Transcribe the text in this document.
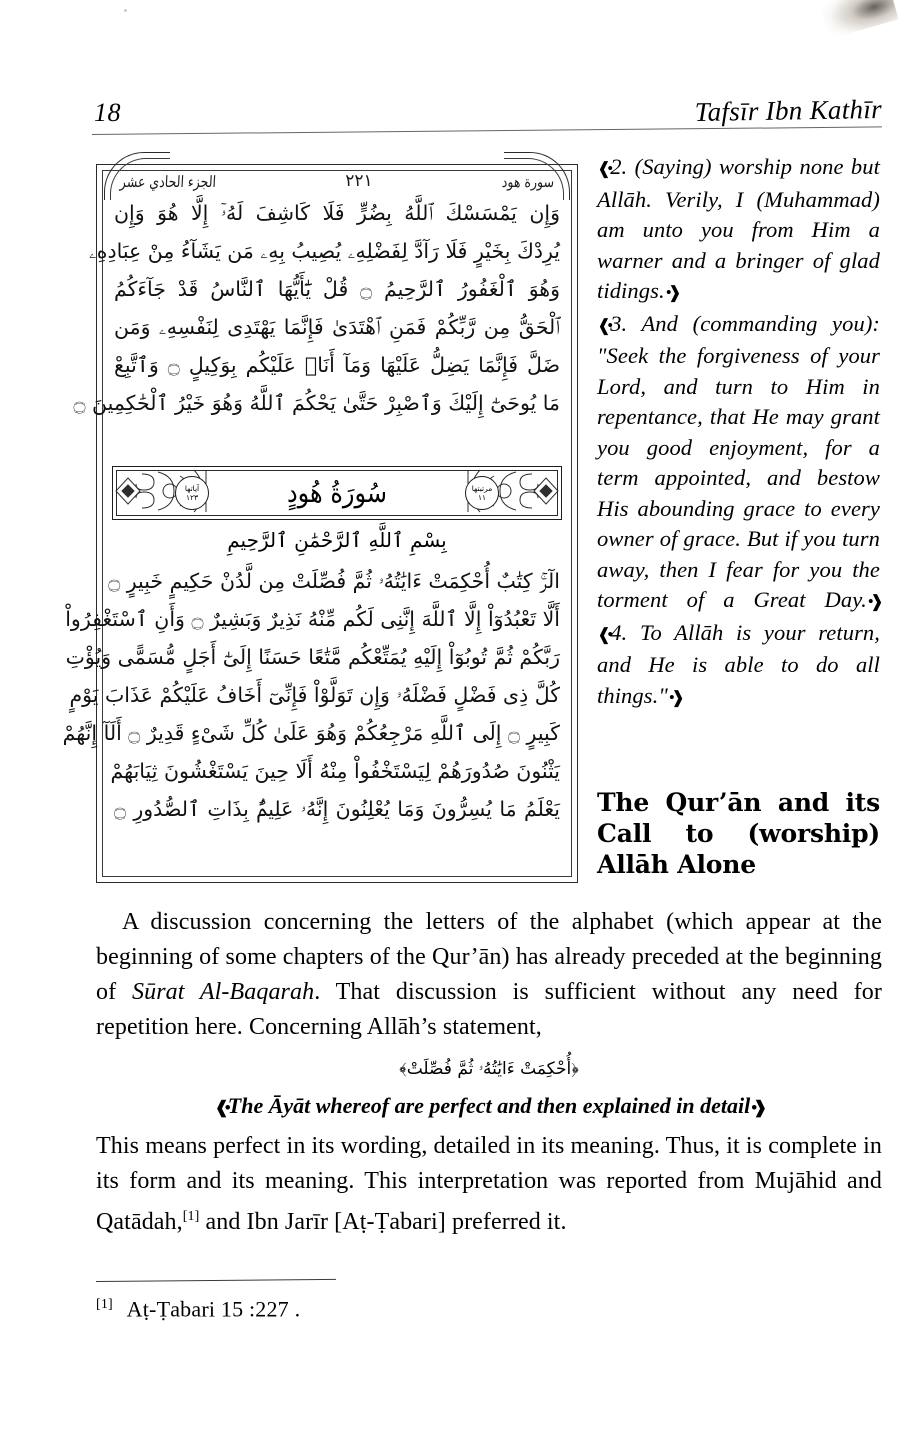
18	Tafsīr Ibn Kathīr
سورة هود
٢٢١
الجزء الحادي عشر
وَإِن يَمْسَسْكَ ٱللَّهُ بِضُرٍّ فَلَا كَاشِفَ لَهُۥٓ إِلَّا هُوَ وَإِن
يُرِدْكَ بِخَيْرٍ فَلَا رَآدَّ لِفَضْلِهِۦ يُصِيبُ بِهِۦ مَن يَشَآءُ مِنْ عِبَادِهِۦ
وَهُوَ ٱلْغَفُورُ ٱلرَّحِيمُ ۝ قُلْ يَٰٓأَيُّهَا ٱلنَّاسُ قَدْ جَآءَكُمُ
ٱلْحَقُّ مِن رَّبِّكُمْ فَمَنِ ٱهْتَدَىٰ فَإِنَّمَا يَهْتَدِى لِنَفْسِهِۦ وَمَن
ضَلَّ فَإِنَّمَا يَضِلُّ عَلَيْهَا وَمَآ أَنَا۠ عَلَيْكُم بِوَكِيلٍ ۝ وَٱتَّبِعْ
مَا يُوحَىٰٓ إِلَيْكَ وَٱصْبِرْ حَتَّىٰ يَحْكُمَ ٱللَّهُ وَهُوَ خَيْرُ ٱلْحَٰكِمِينَ ۝
آياتها
١٢٣
مرتبتها
١١
سُورَةُ هُودٍ
بِسْمِ ٱللَّهِ ٱلرَّحْمَٰنِ ٱلرَّحِيمِ
الٓرۚ كِتَٰبٌ أُحْكِمَتْ ءَايَٰتُهُۥ ثُمَّ فُصِّلَتْ مِن لَّدُنْ حَكِيمٍ خَبِيرٍ ۝
أَلَّا تَعْبُدُوٓاْ إِلَّا ٱللَّهَ إِنَّنِى لَكُم مِّنْهُ نَذِيرٌ وَبَشِيرٌ ۝ وَأَنِ ٱسْتَغْفِرُواْ
رَبَّكُمْ ثُمَّ تُوبُوٓاْ إِلَيْهِ يُمَتِّعْكُم مَّتَٰعًا حَسَنًا إِلَىٰٓ أَجَلٍ مُّسَمًّى وَيُؤْتِ
كُلَّ ذِى فَضْلٍ فَضْلَهُۥ وَإِن تَوَلَّوْاْ فَإِنِّىٓ أَخَافُ عَلَيْكُمْ عَذَابَ يَوْمٍ
كَبِيرٍ ۝ إِلَى ٱللَّهِ مَرْجِعُكُمْ وَهُوَ عَلَىٰ كُلِّ شَىْءٍ قَدِيرٌ ۝ أَلَآ إِنَّهُمْ
يَثْنُونَ صُدُورَهُمْ لِيَسْتَخْفُواْ مِنْهُ أَلَا حِينَ يَسْتَغْشُونَ ثِيَابَهُمْ
يَعْلَمُ مَا يُسِرُّونَ وَمَا يُعْلِنُونَ إِنَّهُۥ عَلِيمٌۢ بِذَاتِ ٱلصُّدُورِ ۝

❰• 2. (Saying) worship none but Allāh. Verily, I (Muhammad) am unto you from Him a warner and a bringer of glad tidings. •❱

❰• 3. And (commanding you): "Seek the forgiveness of your Lord, and turn to Him in repentance, that He may grant you good enjoyment, for a term appointed, and bestow His abounding grace to every owner of grace. But if you turn away, then I fear for you the torment of a Great Day. •❱

❰• 4. To Allāh is your return, and He is able to do all things." •❱

The Qur’ān and its
Call to (worship)
Allāh Alone

A discussion concerning the letters of the alphabet (which appear at the beginning of some chapters of the Qur’ān) has already preceded at the beginning of Sūrat Al-Baqarah. That discussion is sufficient without any need for repetition here. Concerning Allāh’s statement,

﴿أُحْكِمَتْ ءَايَٰتُهُۥ ثُمَّ فُصِّلَتْ﴾
❰• The Āyāt whereof are perfect and then explained in detail •❱

This means perfect in its wording, detailed in its meaning. Thus, it is complete in its form and its meaning. This interpretation was reported from Mujāhid and Qatādah,[1] and Ibn Jarīr [Aṭ-Ṭabari] preferred it.

[1] Aṭ-Ṭabari 15 :227 .
